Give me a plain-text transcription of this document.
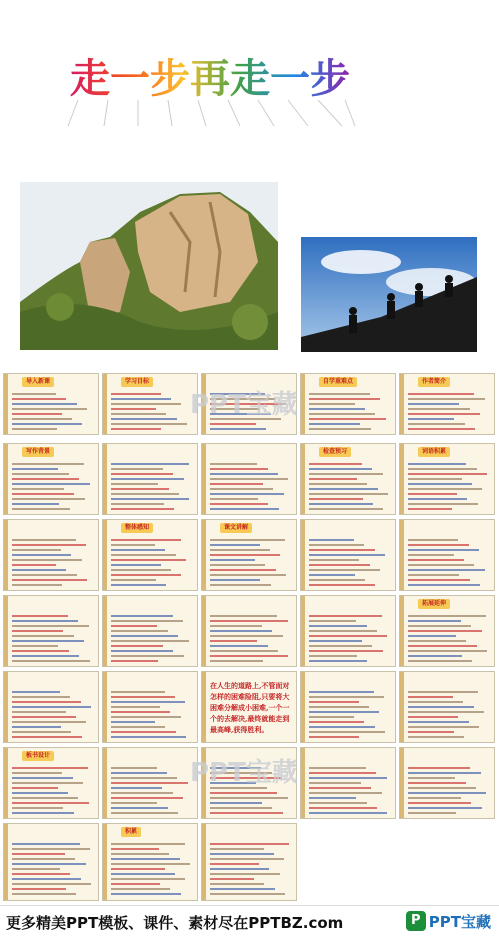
走一步再走一步
导入新课	学习目标	自学重难点	作者简介
写作背景	检查预习	词语积累
整体感知	课文讲解
拓展延伸
在人生的道路上,不管面对怎样的困难险阻,只要将大困难分解成小困难,一个一个的去解决,最终就能走到最高峰,获得胜利。
板书设计
积累
PPT宝藏
PPT宝藏
更多精美PPT模板、课件、素材尽在PPTBZ.com	P PPT宝藏
